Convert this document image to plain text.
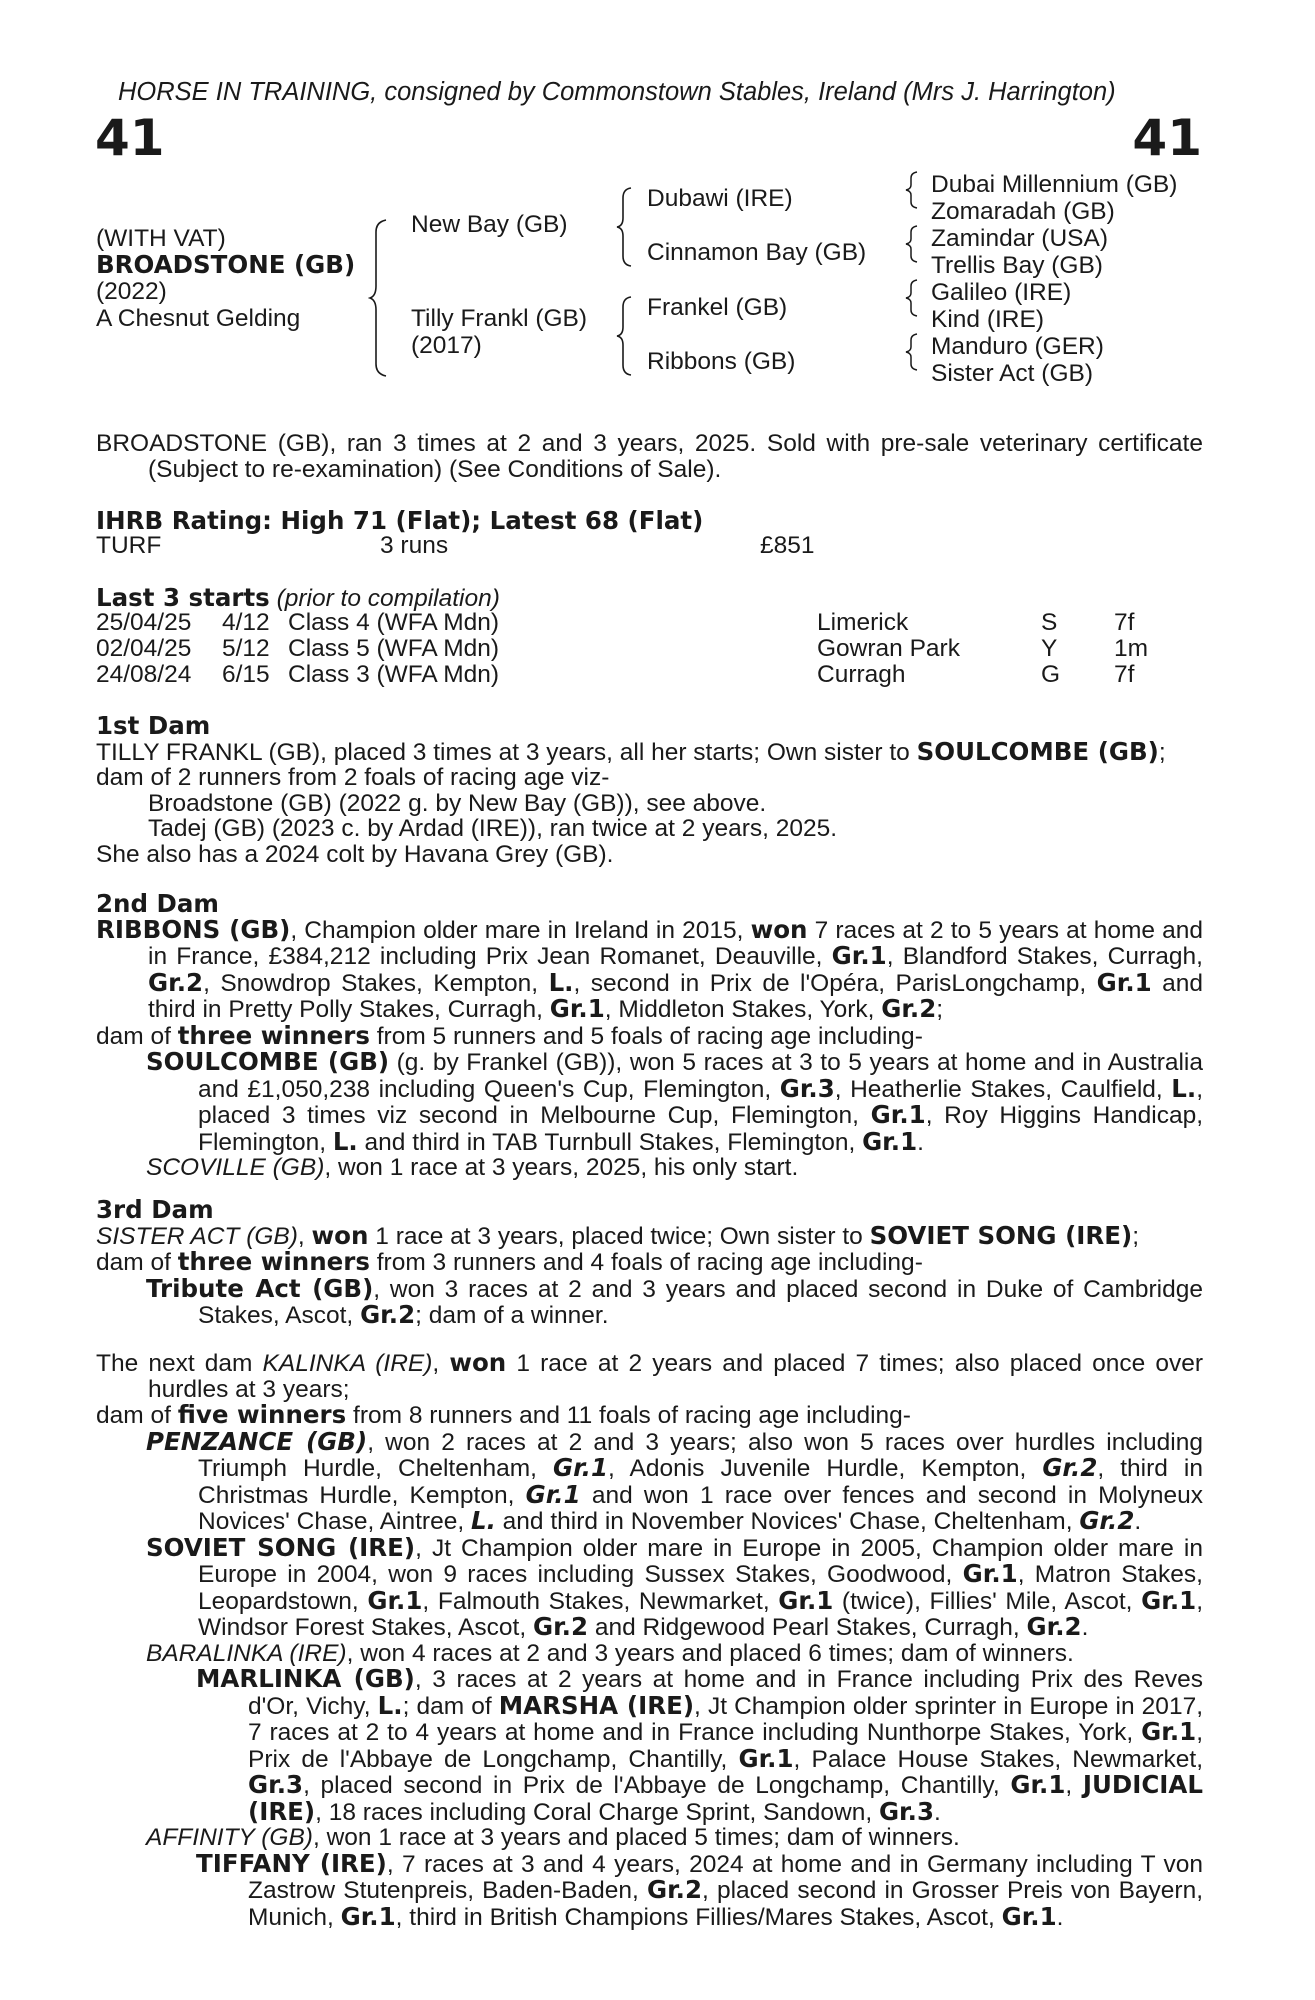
HORSE IN TRAINING, consigned by Commonstown Stables, Ireland (Mrs J. Harrington)
41	41
(WITH VAT)
BROADSTONE (GB)
(2022)
A Chesnut Gelding
New Bay (GB)
Tilly Frankl (GB)
(2017)
Dubawi (IRE)
Cinnamon Bay (GB)
Frankel (GB)
Ribbons (GB)
Dubai Millennium (GB)
Zomaradah (GB)
Zamindar (USA)
Trellis Bay (GB)
Galileo (IRE)
Kind (IRE)
Manduro (GER)
Sister Act (GB)

BROADSTONE (GB), ran 3 times at 2 and 3 years, 2025. Sold with pre-sale veterinary certificate (Subject to re-examination) (See Conditions of Sale).

IHRB Rating: High 71 (Flat); Latest 68 (Flat)
TURF	3 runs	£851
Last 3 starts (prior to compilation)
25/04/25 4/12 Class 4 (WFA Mdn)	Limerick	S 7f
02/04/25 5/12 Class 5 (WFA Mdn)	Gowran Park	Y 1m
24/08/24 6/15 Class 3 (WFA Mdn)	Curragh	G 7f

1st Dam

TILLY FRANKL (GB), placed 3 times at 3 years, all her starts; Own sister to SOULCOMBE (GB);

dam of 2 runners from 2 foals of racing age viz-

Broadstone (GB) (2022 g. by New Bay (GB)), see above.

Tadej (GB) (2023 c. by Ardad (IRE)), ran twice at 2 years, 2025.

She also has a 2024 colt by Havana Grey (GB).

2nd Dam

RIBBONS (GB), Champion older mare in Ireland in 2015, won 7 races at 2 to 5 years at home and in France, £384,212 including Prix Jean Romanet, Deauville, Gr.1, Blandford Stakes, Curragh, Gr.2, Snowdrop Stakes, Kempton, L., second in Prix de l'Opéra, ParisLongchamp, Gr.1 and third in Pretty Polly Stakes, Curragh, Gr.1, Middleton Stakes, York, Gr.2;

dam of three winners from 5 runners and 5 foals of racing age including-

SOULCOMBE (GB) (g. by Frankel (GB)), won 5 races at 3 to 5 years at home and in Australia and £1,050,238 including Queen's Cup, Flemington, Gr.3, Heatherlie Stakes, Caulfield, L., placed 3 times viz second in Melbourne Cup, Flemington, Gr.1, Roy Higgins Handicap, Flemington, L. and third in TAB Turnbull Stakes, Flemington, Gr.1.

SCOVILLE (GB), won 1 race at 3 years, 2025, his only start.

3rd Dam

SISTER ACT (GB), won 1 race at 3 years, placed twice; Own sister to SOVIET SONG (IRE);

dam of three winners from 3 runners and 4 foals of racing age including-

Tribute Act (GB), won 3 races at 2 and 3 years and placed second in Duke of Cambridge Stakes, Ascot, Gr.2; dam of a winner.

The next dam KALINKA (IRE), won 1 race at 2 years and placed 7 times; also placed once over hurdles at 3 years;

dam of five winners from 8 runners and 11 foals of racing age including-

PENZANCE (GB), won 2 races at 2 and 3 years; also won 5 races over hurdles including Triumph Hurdle, Cheltenham, Gr.1, Adonis Juvenile Hurdle, Kempton, Gr.2, third in Christmas Hurdle, Kempton, Gr.1 and won 1 race over fences and second in Molyneux Novices' Chase, Aintree, L. and third in November Novices' Chase, Cheltenham, Gr.2.

SOVIET SONG (IRE), Jt Champion older mare in Europe in 2005, Champion older mare in Europe in 2004, won 9 races including Sussex Stakes, Goodwood, Gr.1, Matron Stakes, Leopardstown, Gr.1, Falmouth Stakes, Newmarket, Gr.1 (twice), Fillies' Mile, Ascot, Gr.1, Windsor Forest Stakes, Ascot, Gr.2 and Ridgewood Pearl Stakes, Curragh, Gr.2.

BARALINKA (IRE), won 4 races at 2 and 3 years and placed 6 times; dam of winners.

MARLINKA (GB), 3 races at 2 years at home and in France including Prix des Reves d'Or, Vichy, L.; dam of MARSHA (IRE), Jt Champion older sprinter in Europe in 2017, 7 races at 2 to 4 years at home and in France including Nunthorpe Stakes, York, Gr.1, Prix de l'Abbaye de Longchamp, Chantilly, Gr.1, Palace House Stakes, Newmarket, Gr.3, placed second in Prix de l'Abbaye de Longchamp, Chantilly, Gr.1, JUDICIAL (IRE), 18 races including Coral Charge Sprint, Sandown, Gr.3.

AFFINITY (GB), won 1 race at 3 years and placed 5 times; dam of winners.

TIFFANY (IRE), 7 races at 3 and 4 years, 2024 at home and in Germany including T von Zastrow Stutenpreis, Baden-Baden, Gr.2, placed second in Grosser Preis von Bayern, Munich, Gr.1, third in British Champions Fillies/Mares Stakes, Ascot, Gr.1.
